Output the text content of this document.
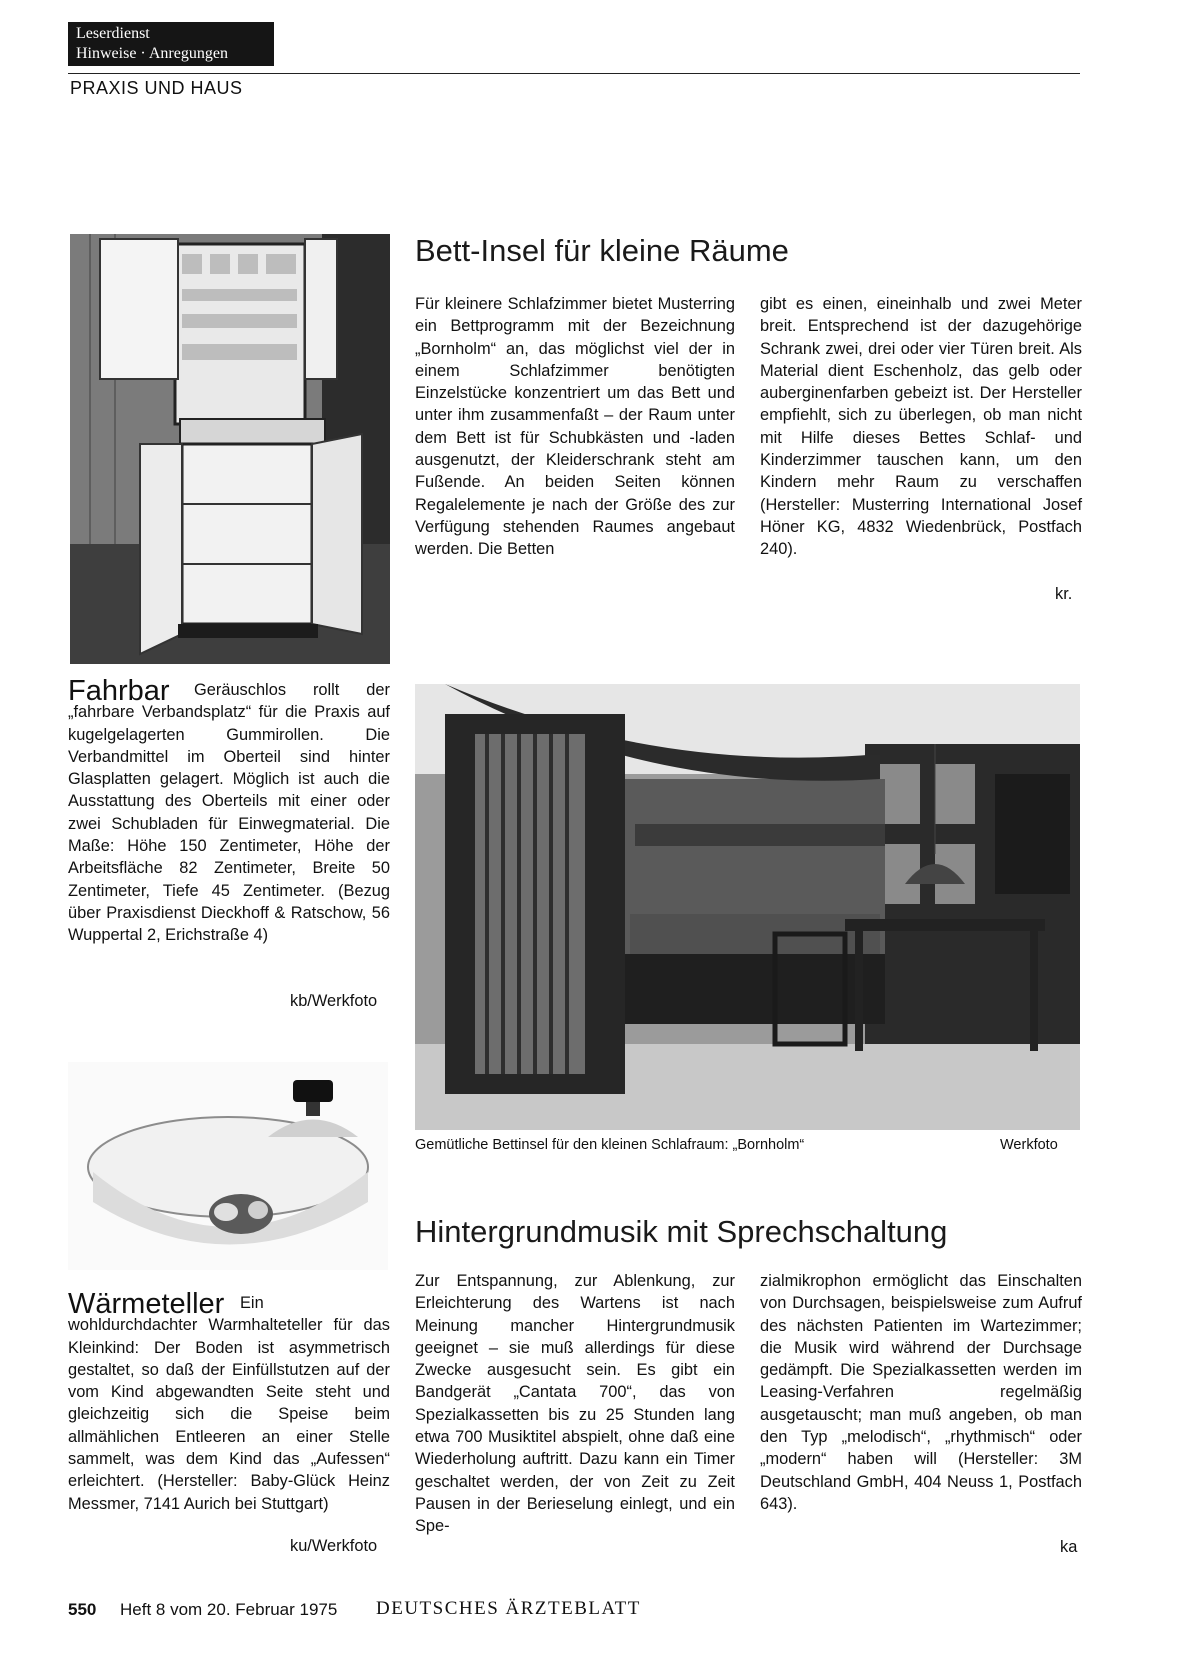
Leserdienst
Hinweise · Anregungen
PRAXIS UND HAUS
Bett-Insel für kleine Räume
Für kleinere Schlafzimmer bietet Musterring ein Bettprogramm mit der Bezeichnung „Bornholm“ an, das möglichst viel der in einem Schlafzimmer benötigten Einzelstücke konzentriert um das Bett und unter ihm zusammenfaßt – der Raum unter dem Bett ist für Schubkästen und -laden ausgenutzt, der Kleiderschrank steht am Fußende. An beiden Seiten können Regalelemente je nach der Größe des zur Verfügung stehenden Raumes angebaut werden. Die Betten
gibt es einen, eineinhalb und zwei Meter breit. Entsprechend ist der dazugehörige Schrank zwei, drei oder vier Türen breit. Als Material dient Eschenholz, das gelb oder auberginenfarben gebeizt ist. Der Hersteller empfiehlt, sich zu überlegen, ob man nicht mit Hilfe dieses Bettes Schlaf- und Kinderzimmer tauschen kann, um den Kindern mehr Raum zu verschaffen (Hersteller: Musterring International Josef Höner KG, 4832 Wiedenbrück, Postfach 240).
kr.
Fahrbar	Geräuschlos rollt der „fahrbare Verbandsplatz“ für die Praxis auf kugelgelagerten Gummirollen. Die Verbandmittel im Oberteil sind hinter Glasplatten gelagert. Möglich ist auch die Ausstattung des Oberteils mit einer oder zwei Schubladen für Einwegmaterial. Die Maße: Höhe 150 Zentimeter, Höhe der Arbeitsfläche 82 Zentimeter, Breite 50 Zentimeter, Tiefe 45 Zentimeter. (Bezug über Praxisdienst Dieckhoff & Ratschow, 56 Wuppertal 2, Erichstraße 4)
kb/Werkfoto
Gemütliche Bettinsel für den kleinen Schlafraum: „Bornholm“	Werkfoto
Wärmeteller Ein wohldurchdachter Warmhalteteller für das Kleinkind: Der Boden ist asymmetrisch gestaltet, so daß der Einfüllstutzen auf der vom Kind abgewandten Seite steht und gleichzeitig sich die Speise beim allmählichen Entleeren an einer Stelle sammelt, was dem Kind das „Aufessen“ erleichtert. (Hersteller: Baby-Glück Heinz Messmer, 7141 Aurich bei Stuttgart)
ku/Werkfoto
Hintergrundmusik mit Sprechschaltung
Zur Entspannung, zur Ablenkung, zur Erleichterung des Wartens ist nach Meinung mancher Hintergrundmusik geeignet – sie muß allerdings für diese Zwecke ausgesucht sein. Es gibt ein Bandgerät „Cantata 700“, das von Spezialkassetten bis zu 25 Stunden lang etwa 700 Musiktitel abspielt, ohne daß eine Wiederholung auftritt. Dazu kann ein Timer geschaltet werden, der von Zeit zu Zeit Pausen in der Berieselung einlegt, und ein Spe-
zialmikrophon ermöglicht das Einschalten von Durchsagen, beispielsweise zum Aufruf des nächsten Patienten im Wartezimmer; die Musik wird während der Durchsage gedämpft. Die Spezialkassetten werden im Leasing-Verfahren regelmäßig ausgetauscht; man muß angeben, ob man den Typ „melodisch“, „rhythmisch“ oder „modern“ haben will (Hersteller: 3M Deutschland GmbH, 404 Neuss 1, Postfach 643).
ka
550 Heft 8 vom 20. Februar 1975 DEUTSCHES ÄRZTEBLATT
